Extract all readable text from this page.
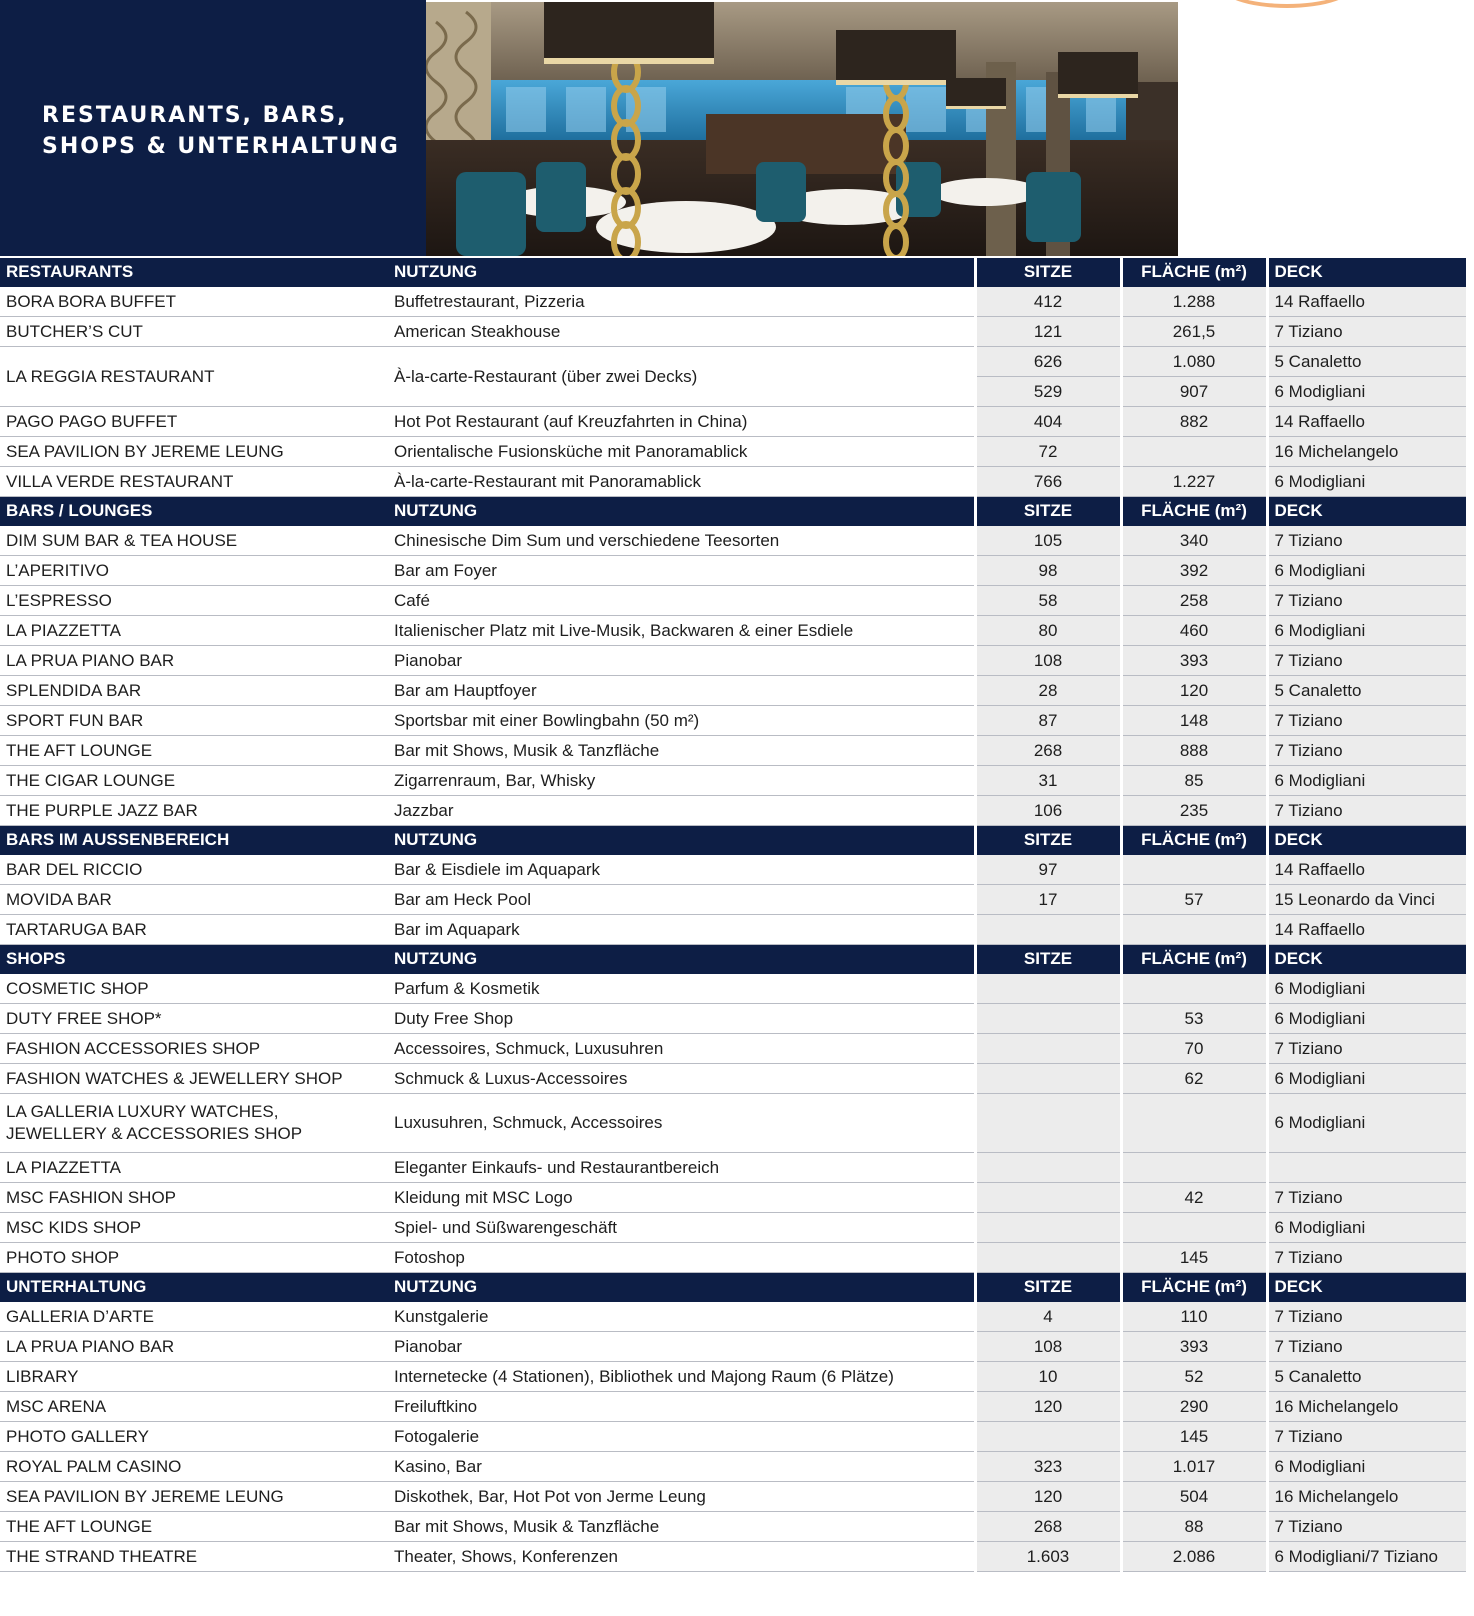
RESTAURANTS, BARS,
SHOPS & UNTERHALTUNG
RESTAURANTS	NUTZUNG	SITZE	FLÄCHE (m²)	DECK
BORA BORA BUFFET	Buffetrestaurant, Pizzeria	412	1.288	14 Raffaello
BUTCHER’S CUT	American Steakhouse	121	261,5	7 Tiziano
LA REGGIA RESTAURANT	À-la-carte-Restaurant (über zwei Decks)	626	1.080	5 Canaletto
		529	907	6 Modigliani
PAGO PAGO BUFFET	Hot Pot Restaurant (auf Kreuzfahrten in China)	404	882	14 Raffaello
SEA PAVILION BY JEREME LEUNG	Orientalische Fusionsküche mit Panoramablick	72		16 Michelangelo
VILLA VERDE RESTAURANT	À-la-carte-Restaurant mit Panoramablick	766	1.227	6 Modigliani
BARS / LOUNGES	NUTZUNG	SITZE	FLÄCHE (m²)	DECK
DIM SUM BAR & TEA HOUSE	Chinesische Dim Sum und verschiedene Teesorten	105	340	7 Tiziano
L’APERITIVO	Bar am Foyer	98	392	6 Modigliani
L’ESPRESSO	Café	58	258	7 Tiziano
LA PIAZZETTA	Italienischer Platz mit Live-Musik, Backwaren & einer Esdiele	80	460	6 Modigliani
LA PRUA PIANO BAR	Pianobar	108	393	7 Tiziano
SPLENDIDA BAR	Bar am Hauptfoyer	28	120	5 Canaletto
SPORT FUN BAR	Sportsbar mit einer Bowlingbahn (50 m²)	87	148	7 Tiziano
THE AFT LOUNGE	Bar mit Shows, Musik & Tanzfläche	268	888	7 Tiziano
THE CIGAR LOUNGE	Zigarrenraum, Bar, Whisky	31	85	6 Modigliani
THE PURPLE JAZZ BAR	Jazzbar	106	235	7 Tiziano
BARS IM AUSSENBEREICH	NUTZUNG	SITZE	FLÄCHE (m²)	DECK
BAR DEL RICCIO	Bar & Eisdiele im Aquapark	97		14 Raffaello
MOVIDA BAR	Bar am Heck Pool	17	57	15 Leonardo da Vinci
TARTARUGA BAR	Bar im Aquapark			14 Raffaello
SHOPS	NUTZUNG	SITZE	FLÄCHE (m²)	DECK
COSMETIC SHOP	Parfum & Kosmetik			6 Modigliani
DUTY FREE SHOP*	Duty Free Shop		53	6 Modigliani
FASHION ACCESSORIES SHOP	Accessoires, Schmuck, Luxusuhren		70	7 Tiziano
FASHION WATCHES & JEWELLERY SHOP	Schmuck & Luxus-Accessoires		62	6 Modigliani

LA GALLERIA LUXURY WATCHES,
JEWELLERY & ACCESSORIES SHOP	Luxusuhren, Schmuck, Accessoires			6 Modigliani
LA PIAZZETTA	Eleganter Einkaufs- und Restaurantbereich			
MSC FASHION SHOP	Kleidung mit MSC Logo		42	7 Tiziano
MSC KIDS SHOP	Spiel- und Süßwarengeschäft			6 Modigliani
PHOTO SHOP	Fotoshop		145	7 Tiziano
UNTERHALTUNG	NUTZUNG	SITZE	FLÄCHE (m²)	DECK
GALLERIA D’ARTE	Kunstgalerie	4	110	7 Tiziano
LA PRUA PIANO BAR	Pianobar	108	393	7 Tiziano
LIBRARY	Internetecke (4 Stationen), Bibliothek und Majong Raum (6 Plätze)	10	52	5 Canaletto
MSC ARENA	Freiluftkino	120	290	16 Michelangelo
PHOTO GALLERY	Fotogalerie		145	7 Tiziano
ROYAL PALM CASINO	Kasino, Bar	323	1.017	6 Modigliani
SEA PAVILION BY JEREME LEUNG	Diskothek, Bar, Hot Pot von Jerme Leung	120	504	16 Michelangelo
THE AFT LOUNGE	Bar mit Shows, Musik & Tanzfläche	268	88	7 Tiziano
THE STRAND THEATRE	Theater, Shows, Konferenzen	1.603	2.086	6 Modigliani/7 Tiziano
